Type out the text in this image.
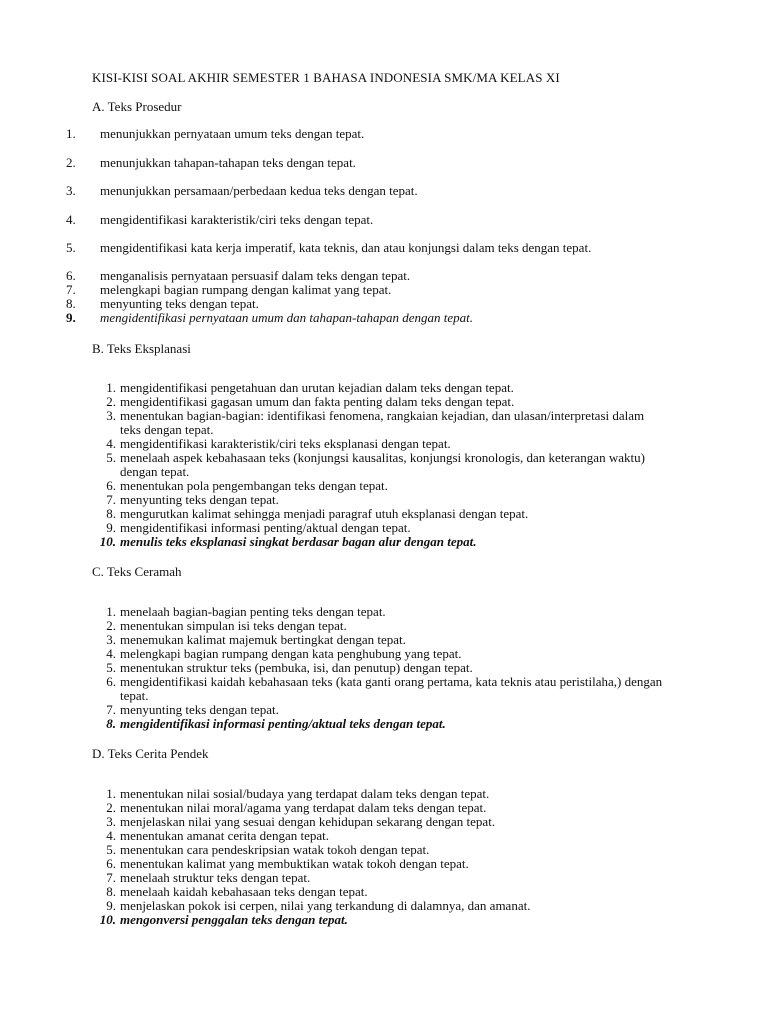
KISI-KISI SOAL AKHIR SEMESTER 1 BAHASA INDONESIA SMK/MA KELAS XI
A. Teks Prosedur
1.	menunjukkan pernyataan umum teks dengan tepat.
2.	menunjukkan tahapan-tahapan teks dengan tepat.
3.	menunjukkan persamaan/perbedaan kedua teks dengan tepat.
4.	mengidentifikasi karakteristik/ciri teks dengan tepat.
5.	mengidentifikasi kata kerja imperatif, kata teknis, dan atau konjungsi dalam teks dengan tepat.
6.	menganalisis pernyataan persuasif dalam teks dengan tepat.
7.	melengkapi bagian rumpang dengan kalimat yang tepat.
8.	menyunting teks dengan tepat.
9.	mengidentifikasi pernyataan umum dan tahapan-tahapan dengan tepat.
B. Teks Eksplanasi
1. mengidentifikasi pengetahuan dan urutan kejadian dalam teks dengan tepat.
2. mengidentifikasi gagasan umum dan fakta penting dalam teks dengan tepat.
3. menentukan bagian-bagian: identifikasi fenomena, rangkaian kejadian, dan ulasan/interpretasi dalam teks dengan tepat.
4. mengidentifikasi karakteristik/ciri teks eksplanasi dengan tepat.
5. menelaah aspek kebahasaan teks (konjungsi kausalitas, konjungsi kronologis, dan keterangan waktu) dengan tepat.
6. menentukan pola pengembangan teks dengan tepat.
7. menyunting teks dengan tepat.
8. mengurutkan kalimat sehingga menjadi paragraf utuh eksplanasi dengan tepat.
9. mengidentifikasi informasi penting/aktual dengan tepat.
10. menulis teks eksplanasi singkat berdasar bagan alur dengan tepat.
C. Teks Ceramah
1. menelaah bagian-bagian penting teks dengan tepat.
2. menentukan simpulan isi teks dengan tepat.
3. menemukan kalimat majemuk bertingkat dengan tepat.
4. melengkapi bagian rumpang dengan kata penghubung yang tepat.
5. menentukan struktur teks (pembuka, isi, dan penutup) dengan tepat.
6. mengidentifikasi kaidah kebahasaan teks (kata ganti orang pertama, kata teknis atau peristilaha,) dengan tepat.
7. menyunting teks dengan tepat.
8. mengidentifikasi informasi penting/aktual teks dengan tepat.
D. Teks Cerita Pendek
1. menentukan nilai sosial/budaya yang terdapat dalam teks dengan tepat.
2. menentukan nilai moral/agama yang terdapat dalam teks dengan tepat.
3. menjelaskan nilai yang sesuai dengan kehidupan sekarang dengan tepat.
4. menentukan amanat cerita dengan tepat.
5. menentukan cara pendeskripsian watak tokoh dengan tepat.
6. menentukan kalimat yang membuktikan watak tokoh dengan tepat.
7. menelaah struktur teks dengan tepat.
8. menelaah kaidah kebahasaan teks dengan tepat.
9. menjelaskan pokok isi cerpen, nilai yang terkandung di dalamnya, dan amanat.
10. mengonversi penggalan teks dengan tepat.
